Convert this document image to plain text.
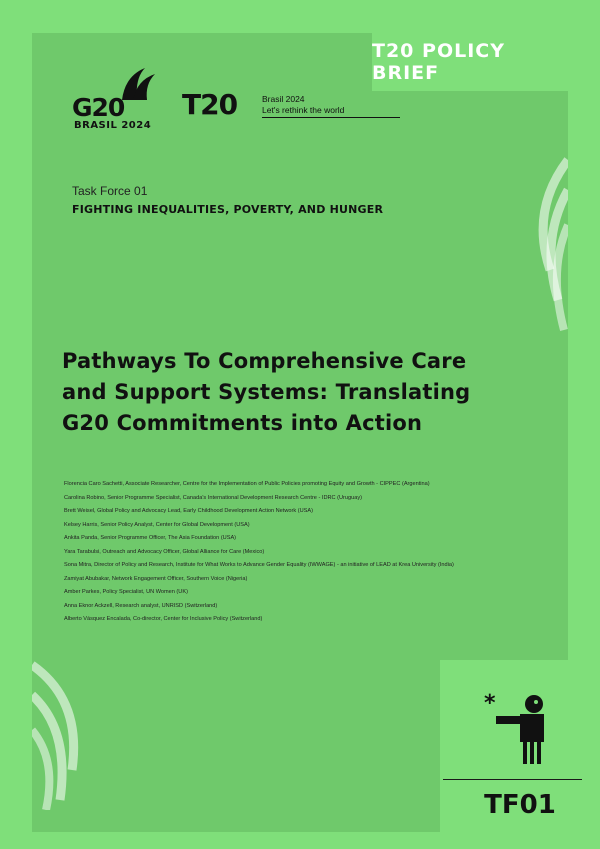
T20 POLICY BRIEF
G20
BRASIL 2024
T20	Brasil 2024
Let's rethink the world
Task Force 01
FIGHTING INEQUALITIES, POVERTY, AND HUNGER
Pathways To Comprehensive Care
and Support Systems: Translating
G20 Commitments into Action
Florencia Caro Sachetti, Associate Researcher, Centre for the Implementation of Public Policies promoting Equity and Growth - CIPPEC (Argentina)
Carolina Robino, Senior Programme Specialist, Canada's International Development Research Centre - IDRC (Uruguay)
Brett Weisel, Global Policy and Advocacy Lead, Early Childhood Development Action Network (USA)
Kelsey Harris, Senior Policy Analyst, Center for Global Development (USA)
Ankita Panda, Senior Programme Officer, The Asia Foundation (USA)
Yara Tarabulsi, Outreach and Advocacy Officer, Global Alliance for Care (Mexico)
Sona Mitra, Director of Policy and Research, Institute for What Works to Advance Gender Equality (IWWAGE) - an initiative of LEAD at Krea University (India)
Zamiyat Abubakar, Network Engagement Officer, Southern Voice (Nigeria)
Amber Parkes, Policy Specialist, UN Women (UK)
Anna Eknor Ackzell, Research analyst, UNRISD (Switzerland)
Alberto Vásquez Encalada, Co-director, Center for Inclusive Policy (Switzerland)
*
TF01
